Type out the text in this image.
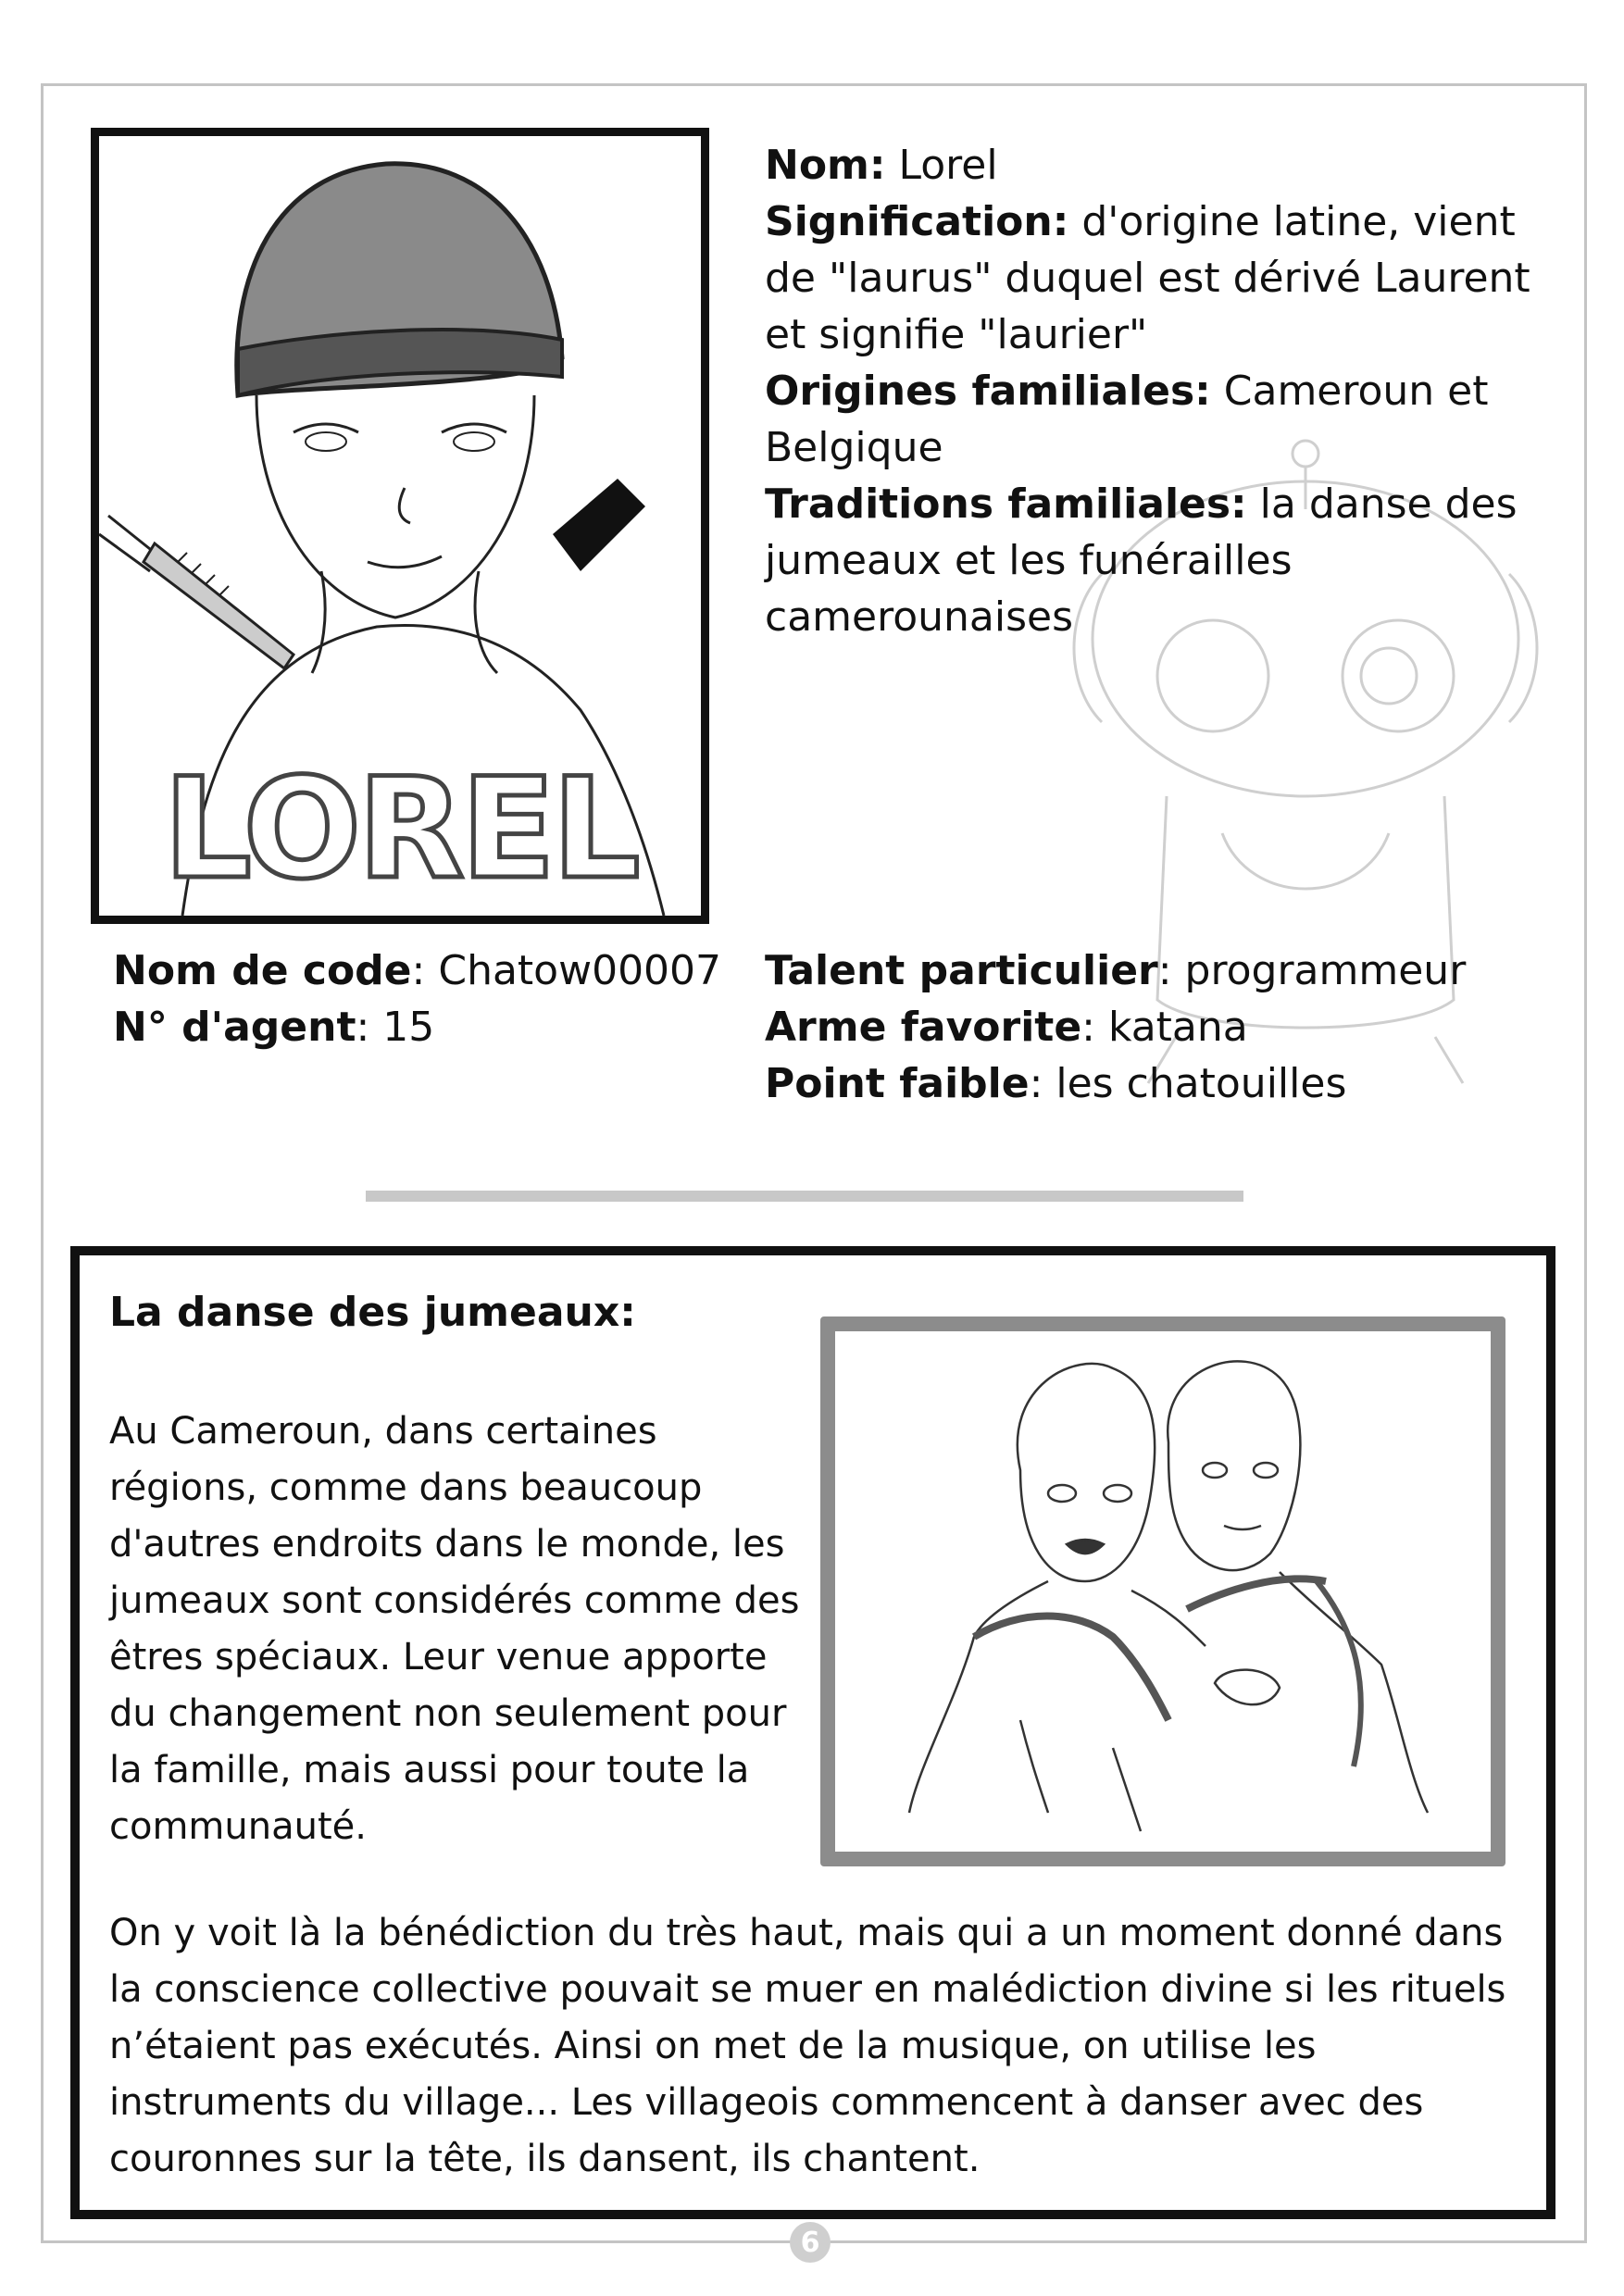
LOREL

Nom: Lorel

Signification: d'origine latine, vient de "laurus" duquel est dérivé Laurent et signifie "laurier"

Origines familiales: Cameroun et Belgique

Traditions familiales: la danse des jumeaux et les funérailles camerounaises

Nom de code: Chatow00007
N° d'agent: 15
Talent particulier: programmeur
Arme favorite: katana
Point faible: les chatouilles

La danse des jumeaux:

Au Cameroun, dans certaines régions, comme dans beaucoup d'autres endroits dans le monde, les jumeaux sont considérés comme des êtres spéciaux. Leur venue apporte du changement non seulement pour la famille, mais aussi pour toute la communauté.

On y voit là la bénédiction du très haut, mais qui a un moment donné dans la conscience collective pouvait se muer en malédiction divine si les rituels n’étaient pas exécutés. Ainsi on met de la musique, on utilise les instruments du village... Les villageois commencent à danser avec des couronnes sur la tête, ils dansent, ils chantent.

6
